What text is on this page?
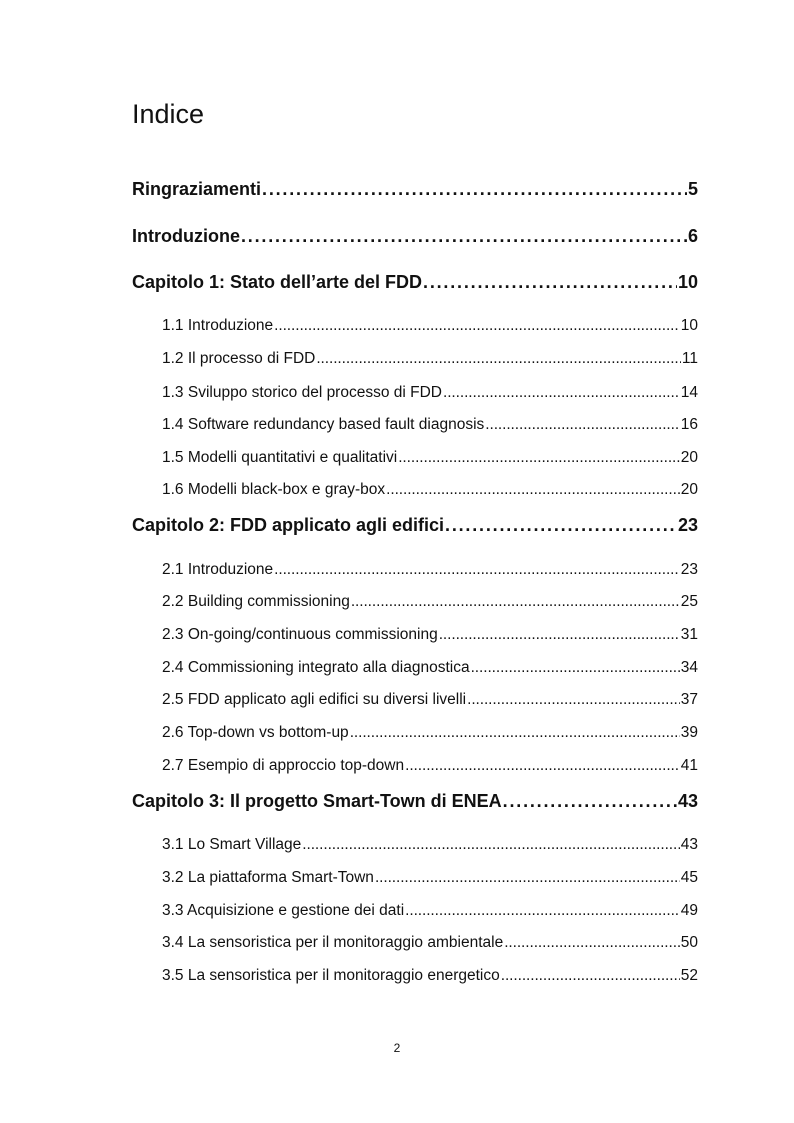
Indice
Ringraziamenti . . .	5
Introduzione . . .	6
Capitolo 1: Stato dell’arte del FDD . . .	10
1.1 Introduzione . . .	10
1.2 Il processo di FDD . . .	11
1.3 Sviluppo storico del processo di FDD . . .	14
1.4 Software redundancy based fault diagnosis . . .	16
1.5 Modelli quantitativi e qualitativi . . .	20
1.6 Modelli black-box e gray-box . . .	20
Capitolo 2: FDD applicato agli edifici . . .	23
2.1 Introduzione . . .	23
2.2 Building commissioning . . .	25
2.3 On-going/continuous commissioning . . .	31
2.4 Commissioning integrato alla diagnostica . . .	34
2.5 FDD applicato agli edifici su diversi livelli . . .	37
2.6 Top-down vs bottom-up . . .	39
2.7 Esempio di approccio top-down . . .	41
Capitolo 3: Il progetto Smart-Town di ENEA . . .	43
3.1 Lo Smart Village . . .	43
3.2 La piattaforma Smart-Town . . .	45
3.3 Acquisizione e gestione dei dati . . .	49
3.4 La sensoristica per il monitoraggio ambientale . . .	50
3.5 La sensoristica per il monitoraggio energetico . . .	52
2
